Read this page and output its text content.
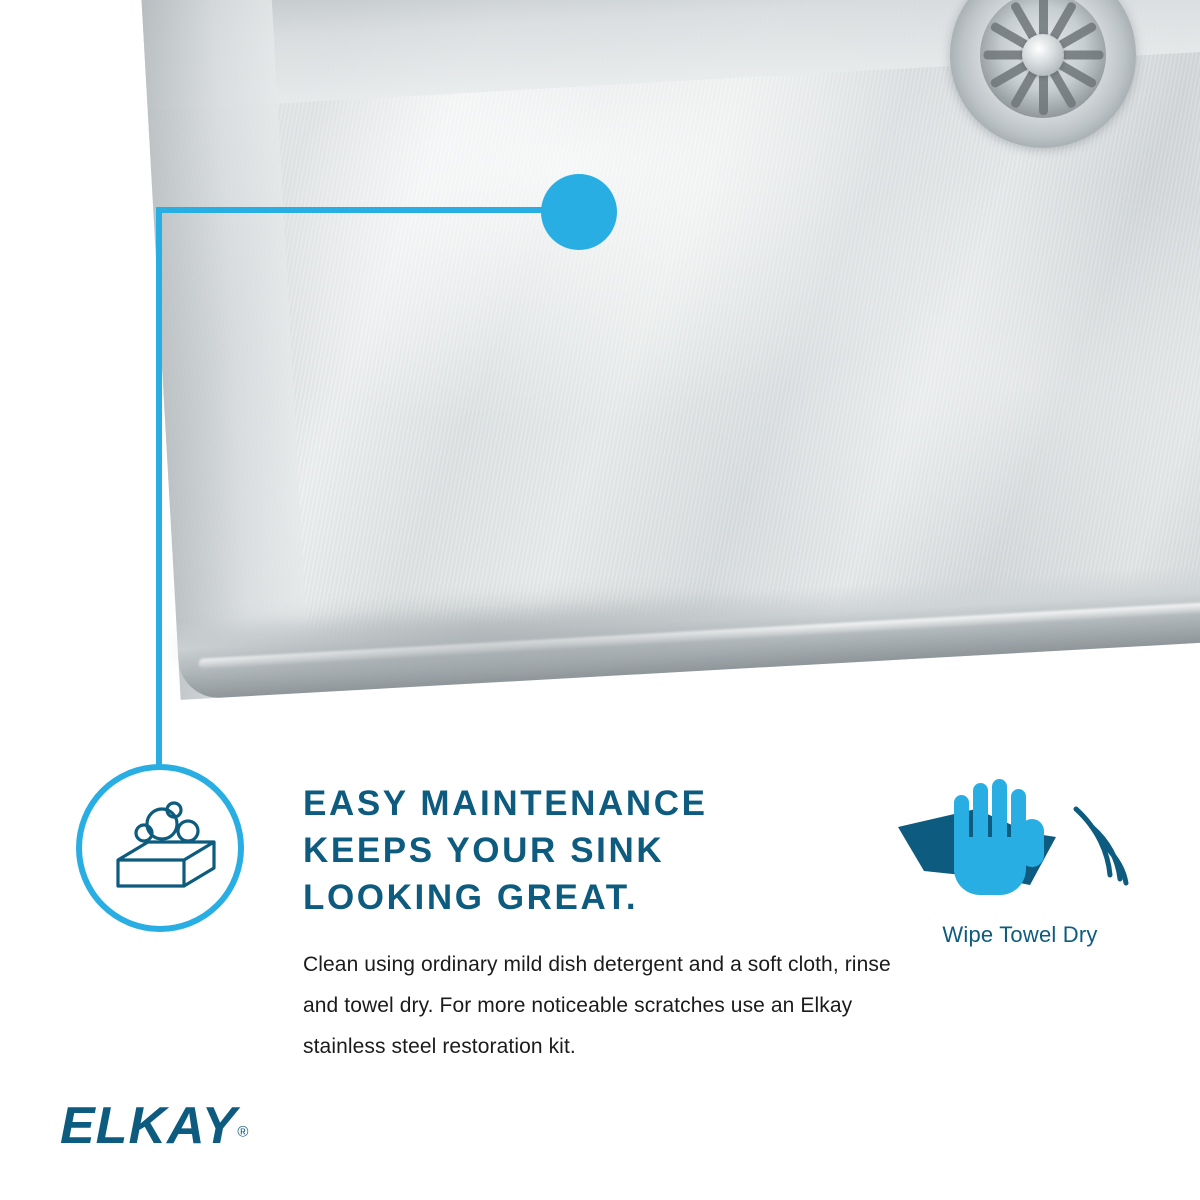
EASY MAINTENANCE
KEEPS YOUR SINK
LOOKING GREAT.
Clean using ordinary mild dish detergent and a soft cloth, rinse and towel dry. For more noticeable scratches use an Elkay stainless steel restoration kit.
Wipe Towel Dry
ELKAY®
